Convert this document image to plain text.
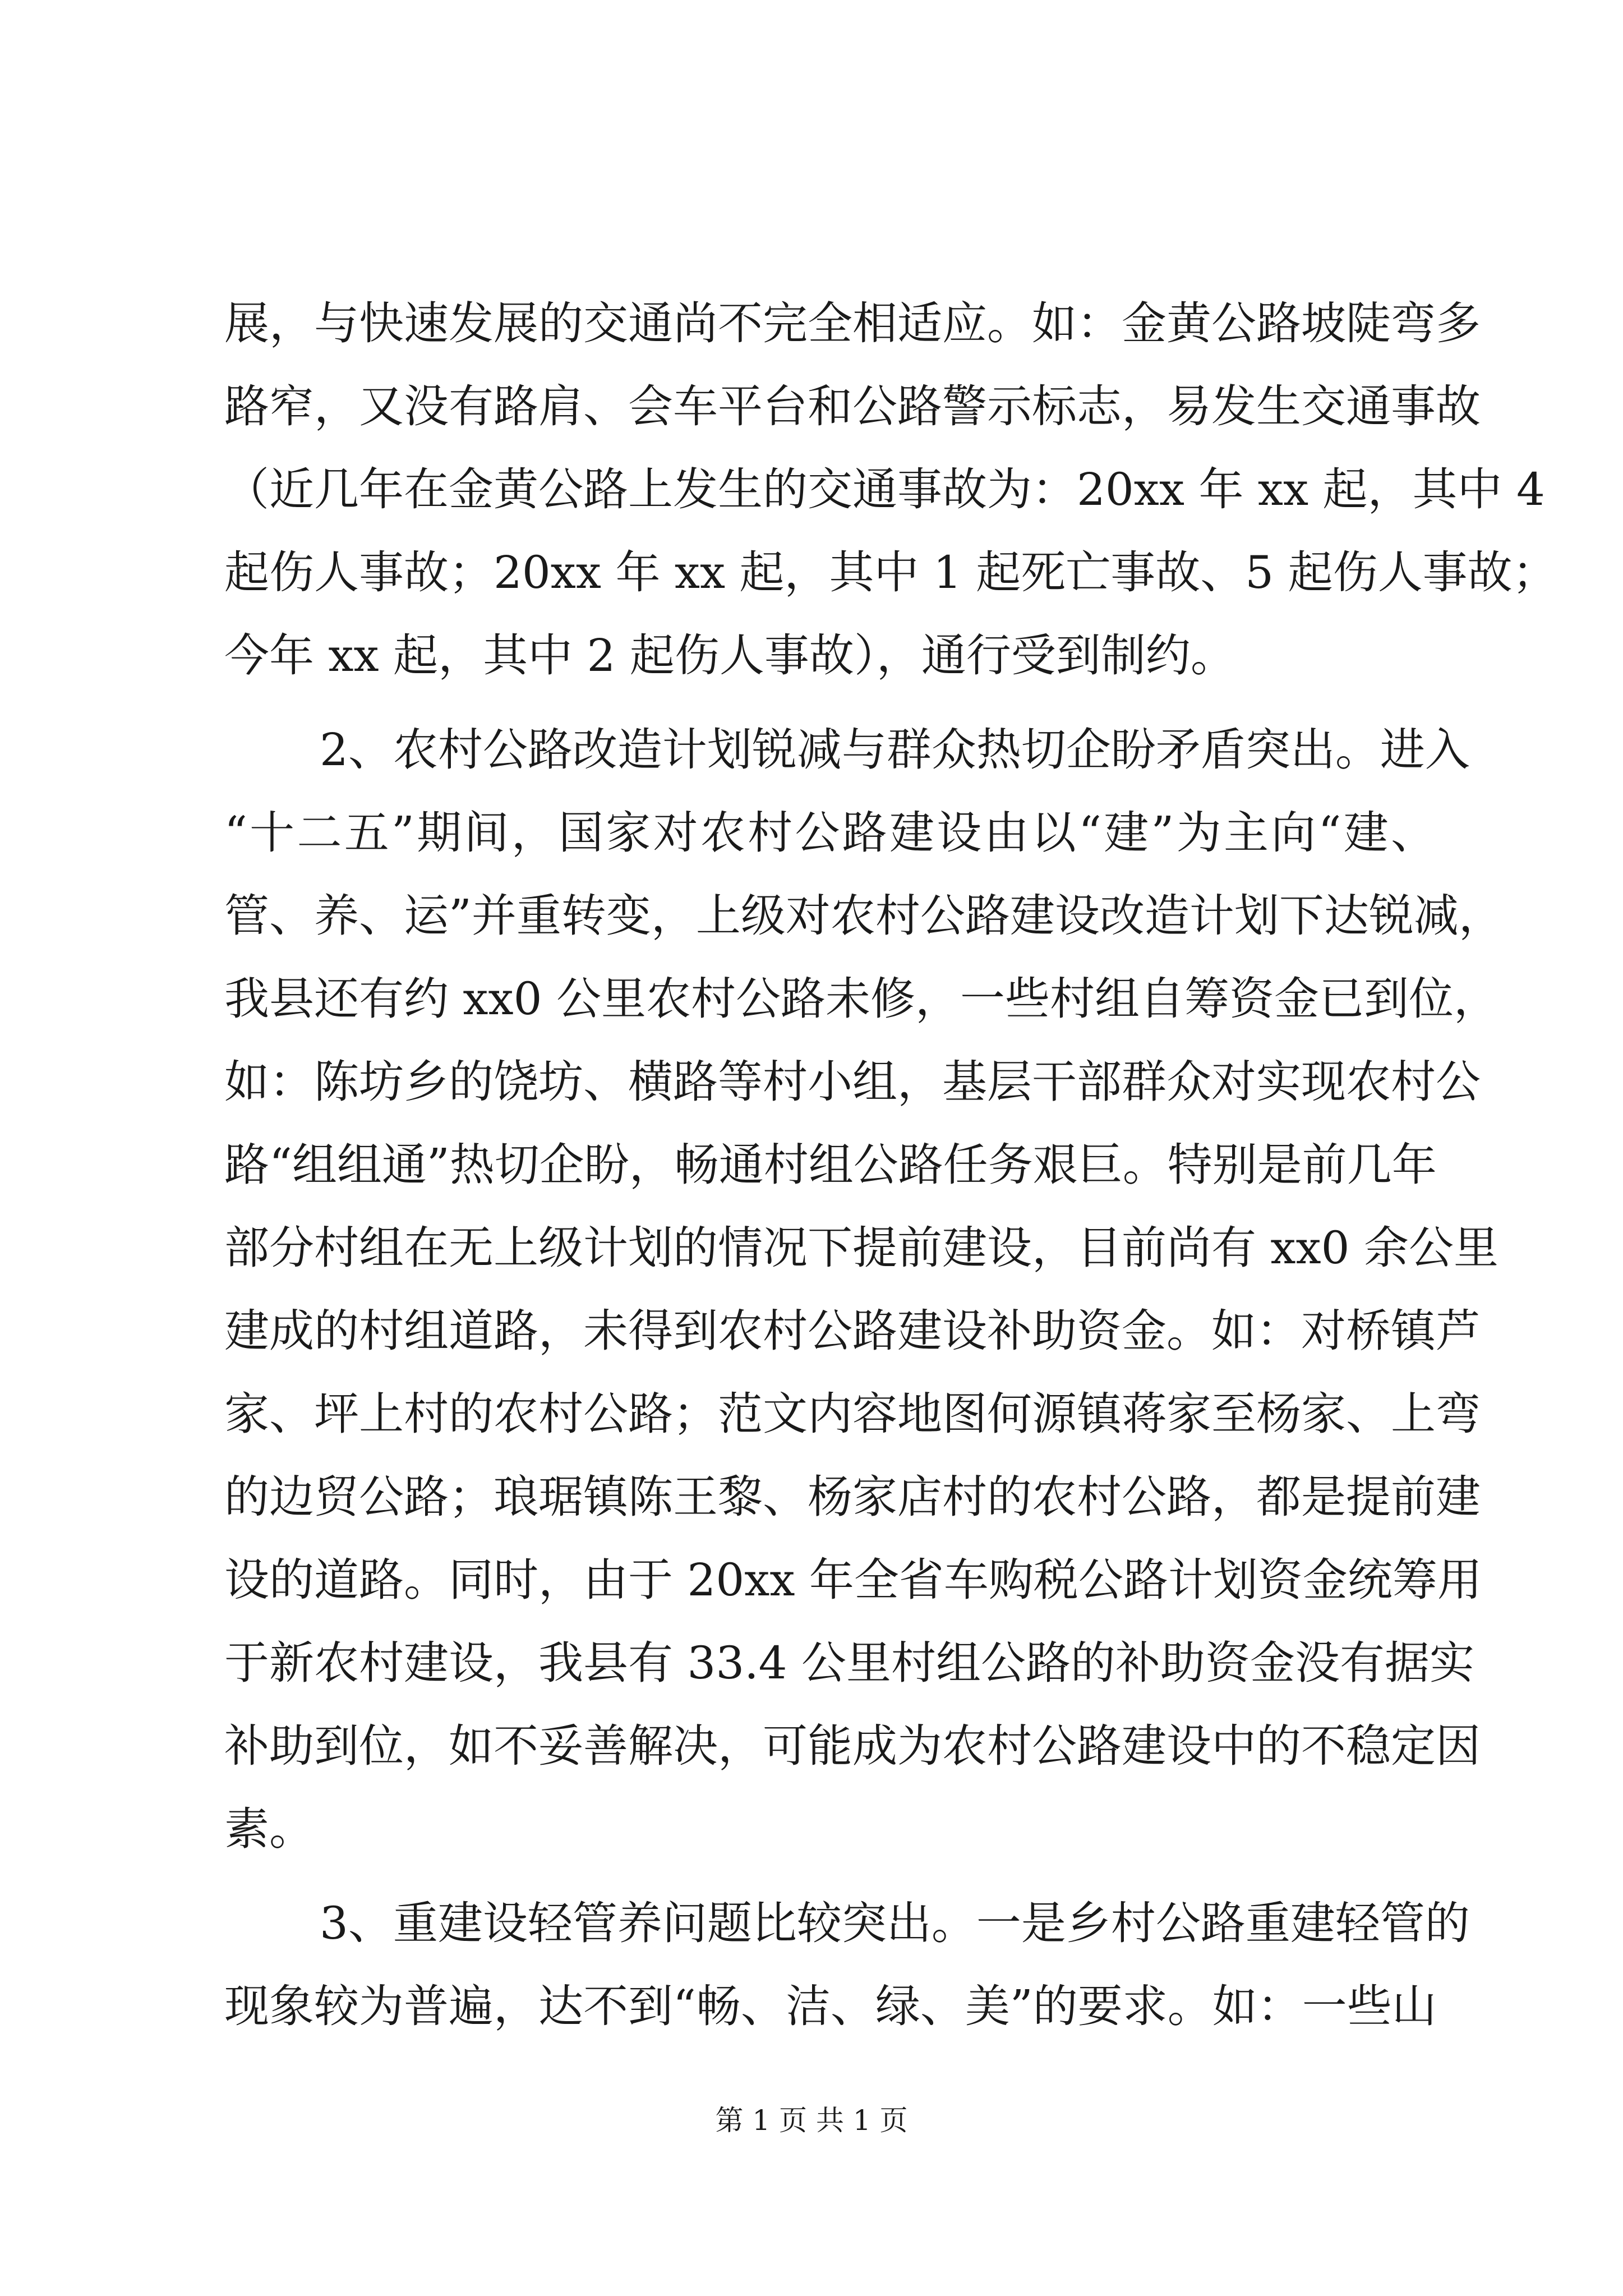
展，与快速发展的交通尚不完全相适应。如：金黄公路坡陡弯多
路窄，又没有路肩、会车平台和公路警示标志，易发生交通事故
（近几年在金黄公路上发生的交通事故为：20xx 年 xx 起，其中 4
起伤人事故；20xx 年 xx 起，其中 1 起死亡事故、5 起伤人事故；
今年 xx 起，其中 2 起伤人事故），通行受到制约。
2、农村公路改造计划锐减与群众热切企盼矛盾突出。进入
“十二五”期间，国家对农村公路建设由以“建”为主向“建、
管、养、运”并重转变，上级对农村公路建设改造计划下达锐减，
我县还有约 xx0 公里农村公路未修，一些村组自筹资金已到位，
如：陈坊乡的饶坊、横路等村小组，基层干部群众对实现农村公
路“组组通”热切企盼，畅通村组公路任务艰巨。特别是前几年
部分村组在无上级计划的情况下提前建设，目前尚有 xx0 余公里
建成的村组道路，未得到农村公路建设补助资金。如：对桥镇芦
家、坪上村的农村公路；范文内容地图何源镇蒋家至杨家、上弯
的边贸公路；琅琚镇陈王黎、杨家店村的农村公路，都是提前建
设的道路。同时，由于 20xx 年全省车购税公路计划资金统筹用
于新农村建设，我县有 33.4 公里村组公路的补助资金没有据实
补助到位，如不妥善解决，可能成为农村公路建设中的不稳定因
素。
3、重建设轻管养问题比较突出。一是乡村公路重建轻管的
现象较为普遍，达不到“畅、洁、绿、美”的要求。如：一些山
第 1 页 共 1 页
